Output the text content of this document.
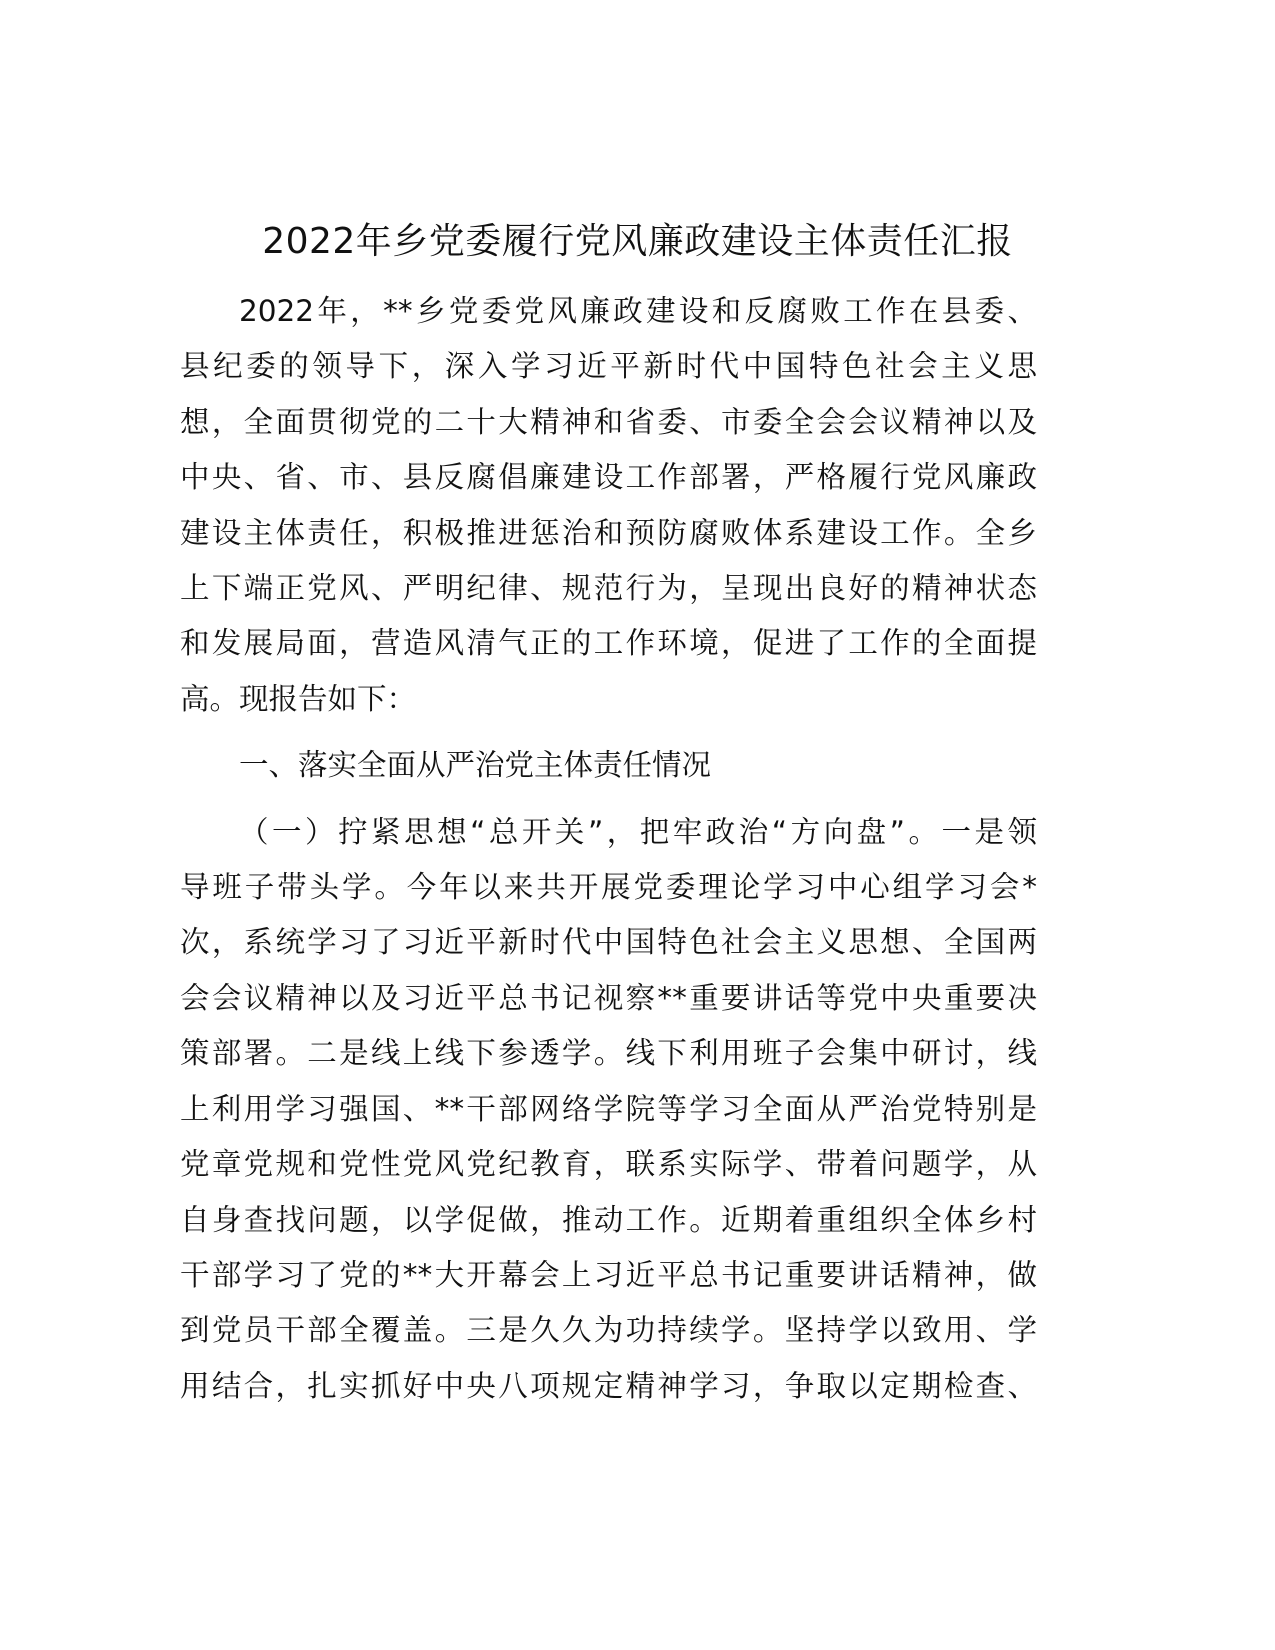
2022年乡党委履行党风廉政建设主体责任汇报
2022年，**乡党委党风廉政建设和反腐败工作在县委、
县纪委的领导下，深入学习近平新时代中国特色社会主义思
想，全面贯彻党的二十大精神和省委、市委全会会议精神以及
中央、省、市、县反腐倡廉建设工作部署，严格履行党风廉政
建设主体责任，积极推进惩治和预防腐败体系建设工作。全乡
上下端正党风、严明纪律、规范行为，呈现出良好的精神状态
和发展局面，营造风清气正的工作环境，促进了工作的全面提
高。现报告如下：
一、落实全面从严治党主体责任情况
（一）拧紧思想“总开关”，把牢政治“方向盘”。一是领
导班子带头学。今年以来共开展党委理论学习中心组学习会*
次，系统学习了习近平新时代中国特色社会主义思想、全国两
会会议精神以及习近平总书记视察**重要讲话等党中央重要决
策部署。二是线上线下参透学。线下利用班子会集中研讨，线
上利用学习强国、**干部网络学院等学习全面从严治党特别是
党章党规和党性党风党纪教育，联系实际学、带着问题学，从
自身查找问题，以学促做，推动工作。近期着重组织全体乡村
干部学习了党的**大开幕会上习近平总书记重要讲话精神，做
到党员干部全覆盖。三是久久为功持续学。坚持学以致用、学
用结合，扎实抓好中央八项规定精神学习，争取以定期检查、
